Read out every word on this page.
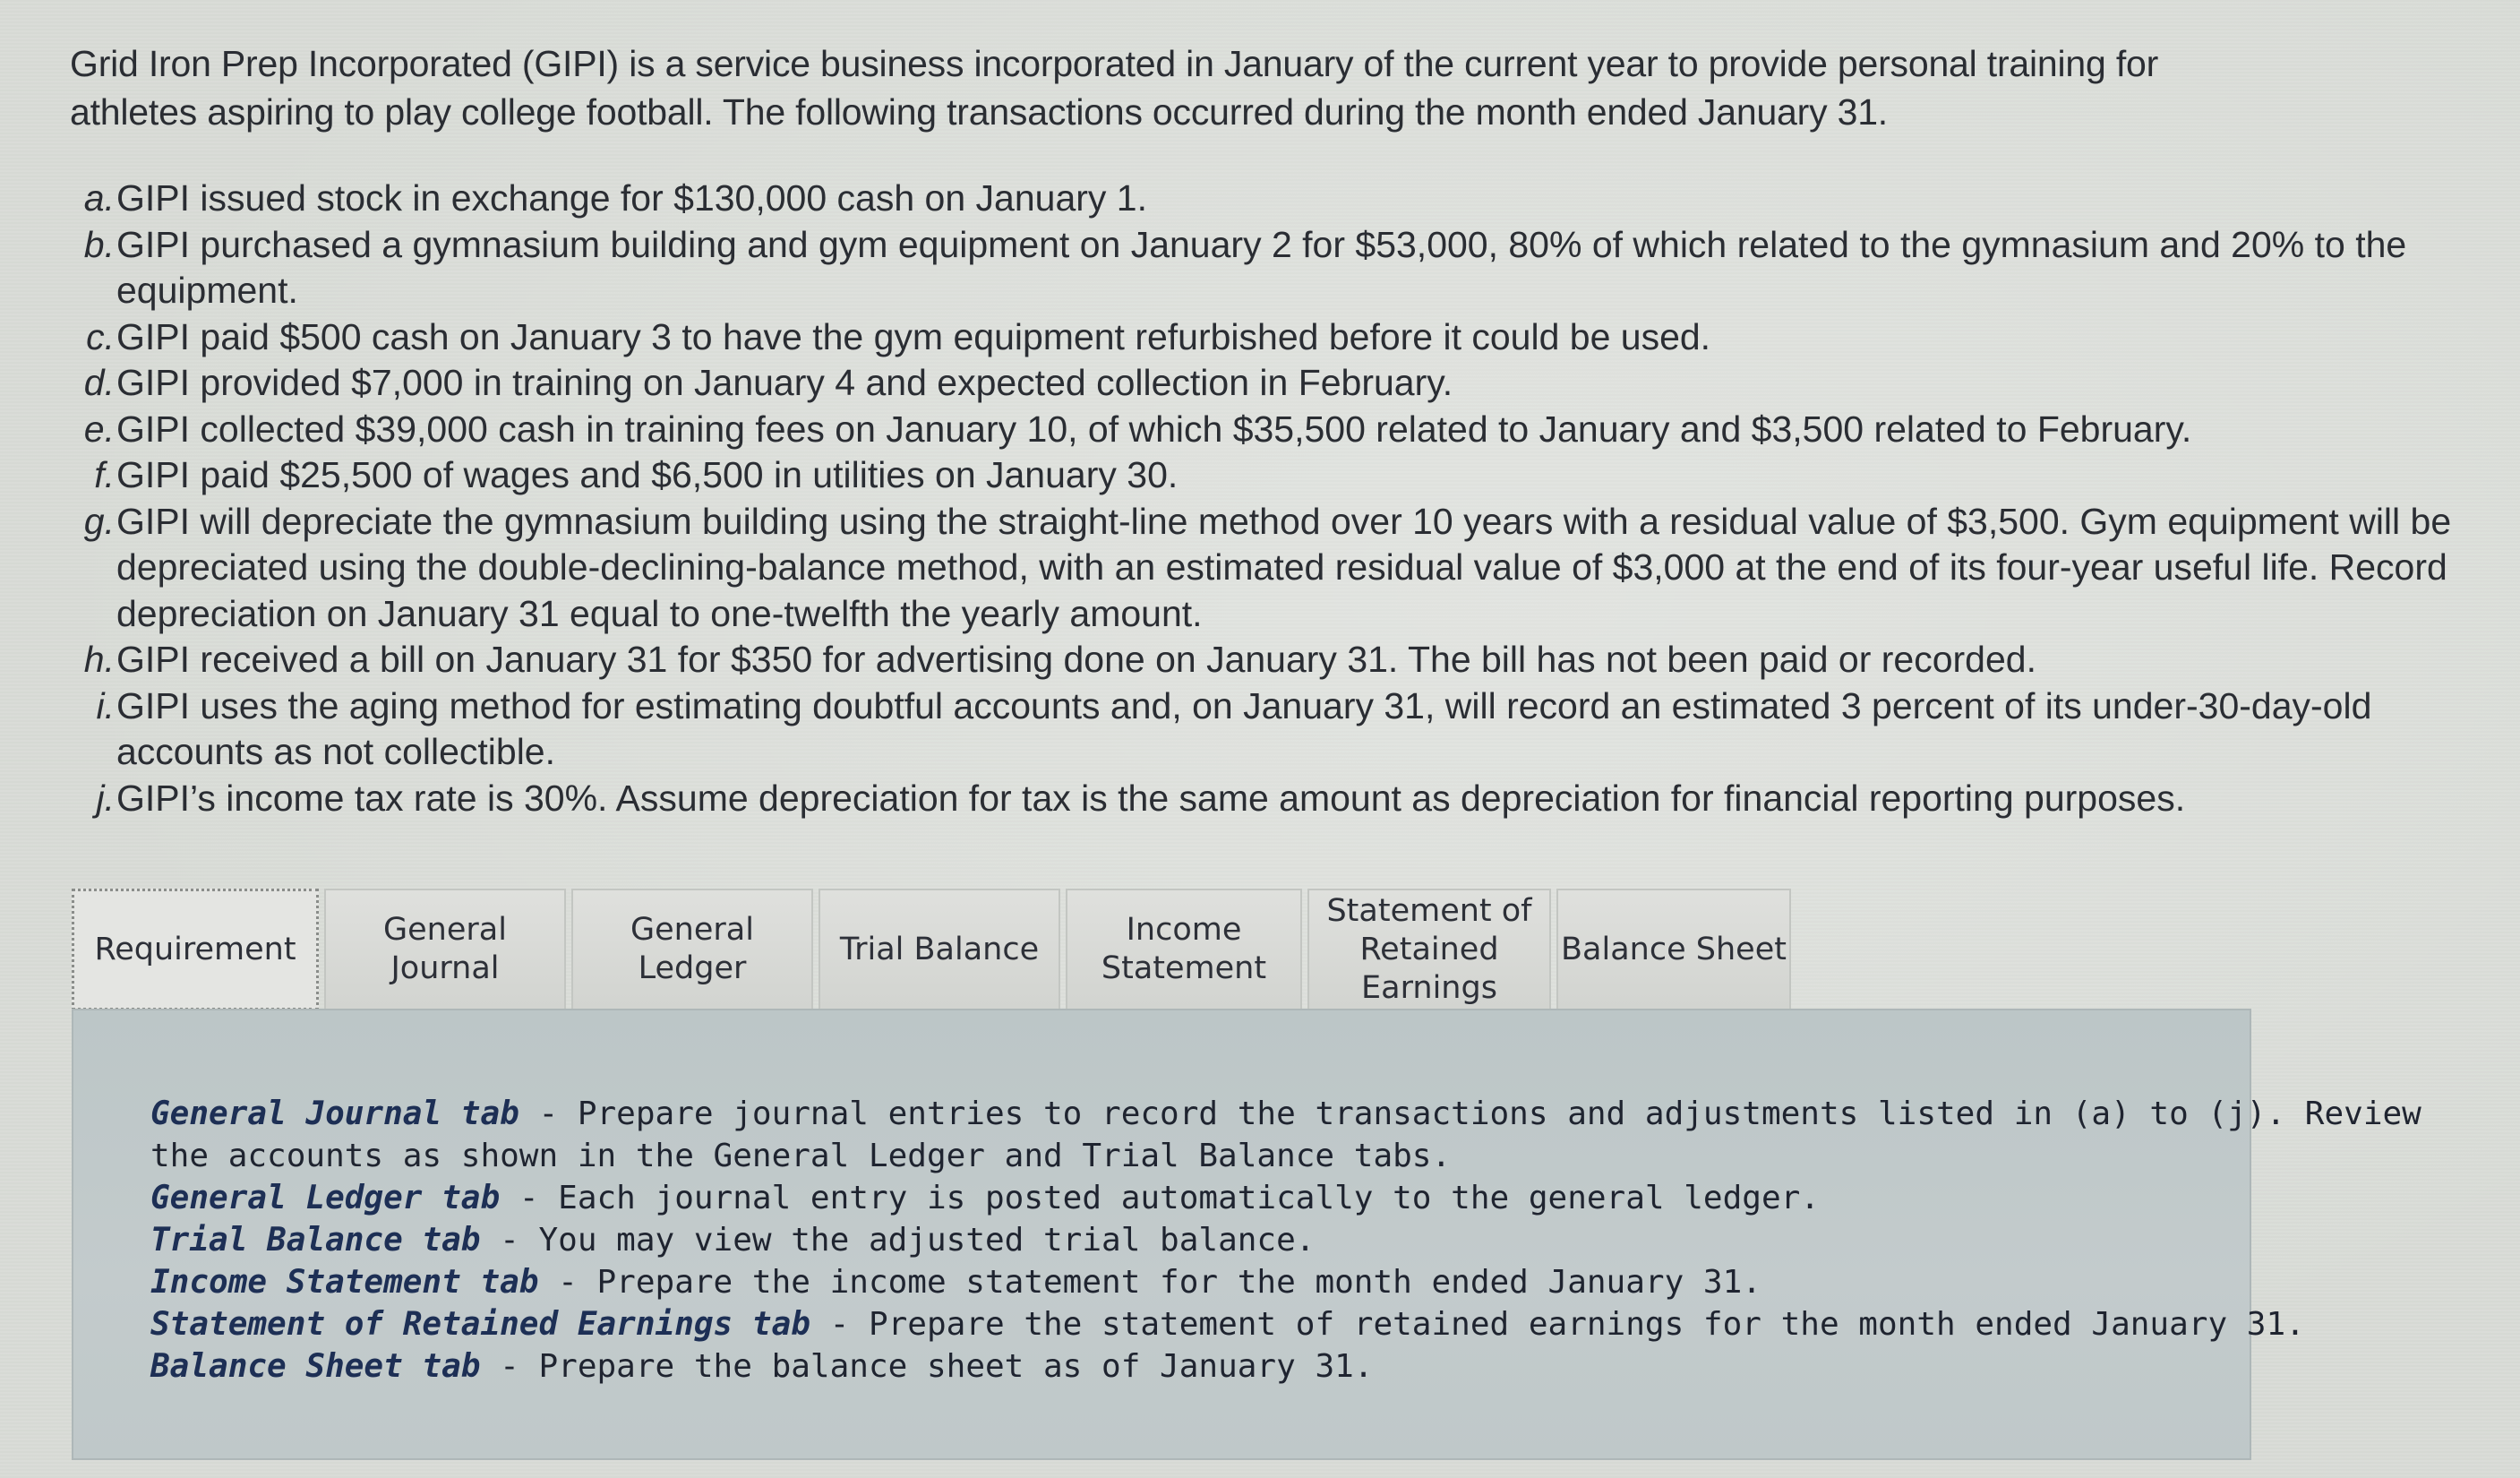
Grid Iron Prep Incorporated (GIPI) is a service business incorporated in January of the current year to provide personal training for
athletes aspiring to play college football. The following transactions occurred during the month ended January 31.
a. GIPI issued stock in exchange for $130,000 cash on January 1.
b. GIPI purchased a gymnasium building and gym equipment on January 2 for $53,000, 80% of which related to the gymnasium and 20% to the equipment.
c. GIPI paid $500 cash on January 3 to have the gym equipment refurbished before it could be used.
d. GIPI provided $7,000 in training on January 4 and expected collection in February.
e. GIPI collected $39,000 cash in training fees on January 10, of which $35,500 related to January and $3,500 related to February.
f. GIPI paid $25,500 of wages and $6,500 in utilities on January 30.
g. GIPI will depreciate the gymnasium building using the straight-line method over 10 years with a residual value of $3,500. Gym equipment will be depreciated using the double-declining-balance method, with an estimated residual value of $3,000 at the end of its four-year useful life. Record depreciation on January 31 equal to one-twelfth the yearly amount.
h. GIPI received a bill on January 31 for $350 for advertising done on January 31. The bill has not been paid or recorded.
i. GIPI uses the aging method for estimating doubtful accounts and, on January 31, will record an estimated 3 percent of its under-30-day-old accounts as not collectible.
j. GIPI’s income tax rate is 30%. Assume depreciation for tax is the same amount as depreciation for financial reporting purposes.
Requirement
General
Journal
General
Ledger
Trial Balance
Income
Statement
Statement of
Retained
Earnings
Balance Sheet
General Journal tab - Prepare journal entries to record the transactions and adjustments listed in (a) to (j). Review
the accounts as shown in the General Ledger and Trial Balance tabs.
General Ledger tab - Each journal entry is posted automatically to the general ledger.
Trial Balance tab - You may view the adjusted trial balance.
Income Statement tab - Prepare the income statement for the month ended January 31.
Statement of Retained Earnings tab - Prepare the statement of retained earnings for the month ended January 31.
Balance Sheet tab - Prepare the balance sheet as of January 31.
